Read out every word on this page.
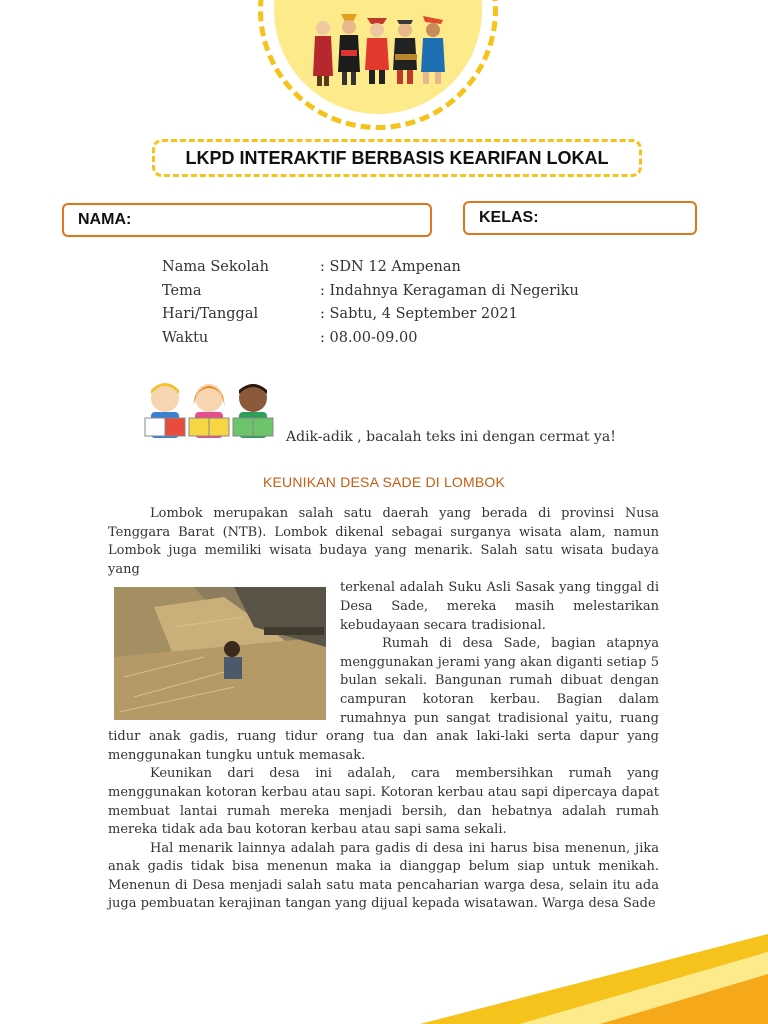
LKPD INTERAKTIF BERBASIS KEARIFAN LOKAL
NAMA:	KELAS:
Nama Sekolah	: SDN 12 Ampenan
Tema	: Indahnya Keragaman di Negeriku
Hari/Tanggal	: Sabtu, 4 September 2021
Waktu	: 08.00-09.00
Adik-adik , bacalah teks ini dengan cermat ya!
KEUNIKAN DESA SADE DI LOMBOK

Lombok merupakan salah satu daerah yang berada di provinsi Nusa Tenggara Barat (NTB). Lombok dikenal sebagai surganya wisata alam, namun Lombok juga memiliki wisata budaya yang menarik. Salah satu wisata budaya yang

terkenal adalah Suku Asli Sasak yang tinggal di Desa Sade, mereka masih melestarikan kebudayaan secara tradisional.

Rumah di desa Sade, bagian atapnya menggunakan jerami yang akan diganti setiap 5 bulan sekali. Bangunan rumah dibuat dengan campuran kotoran kerbau. Bagian dalam rumahnya pun sangat tradisional yaitu, ruang tidur anak gadis, ruang tidur orang tua dan anak laki-laki serta dapur yang menggunakan tungku untuk memasak.

Keunikan dari desa ini adalah, cara membersihkan rumah yang menggunakan kotoran kerbau atau sapi. Kotoran kerbau atau sapi dipercaya dapat membuat lantai rumah mereka menjadi bersih, dan hebatnya adalah rumah mereka tidak ada bau kotoran kerbau atau sapi sama sekali.

Hal menarik lainnya adalah para gadis di desa ini harus bisa menenun, jika anak gadis tidak bisa menenun maka ia dianggap belum siap untuk menikah. Menenun di Desa menjadi salah satu mata pencaharian warga desa, selain itu ada juga pembuatan kerajinan tangan yang dijual kepada wisatawan. Warga desa Sade
